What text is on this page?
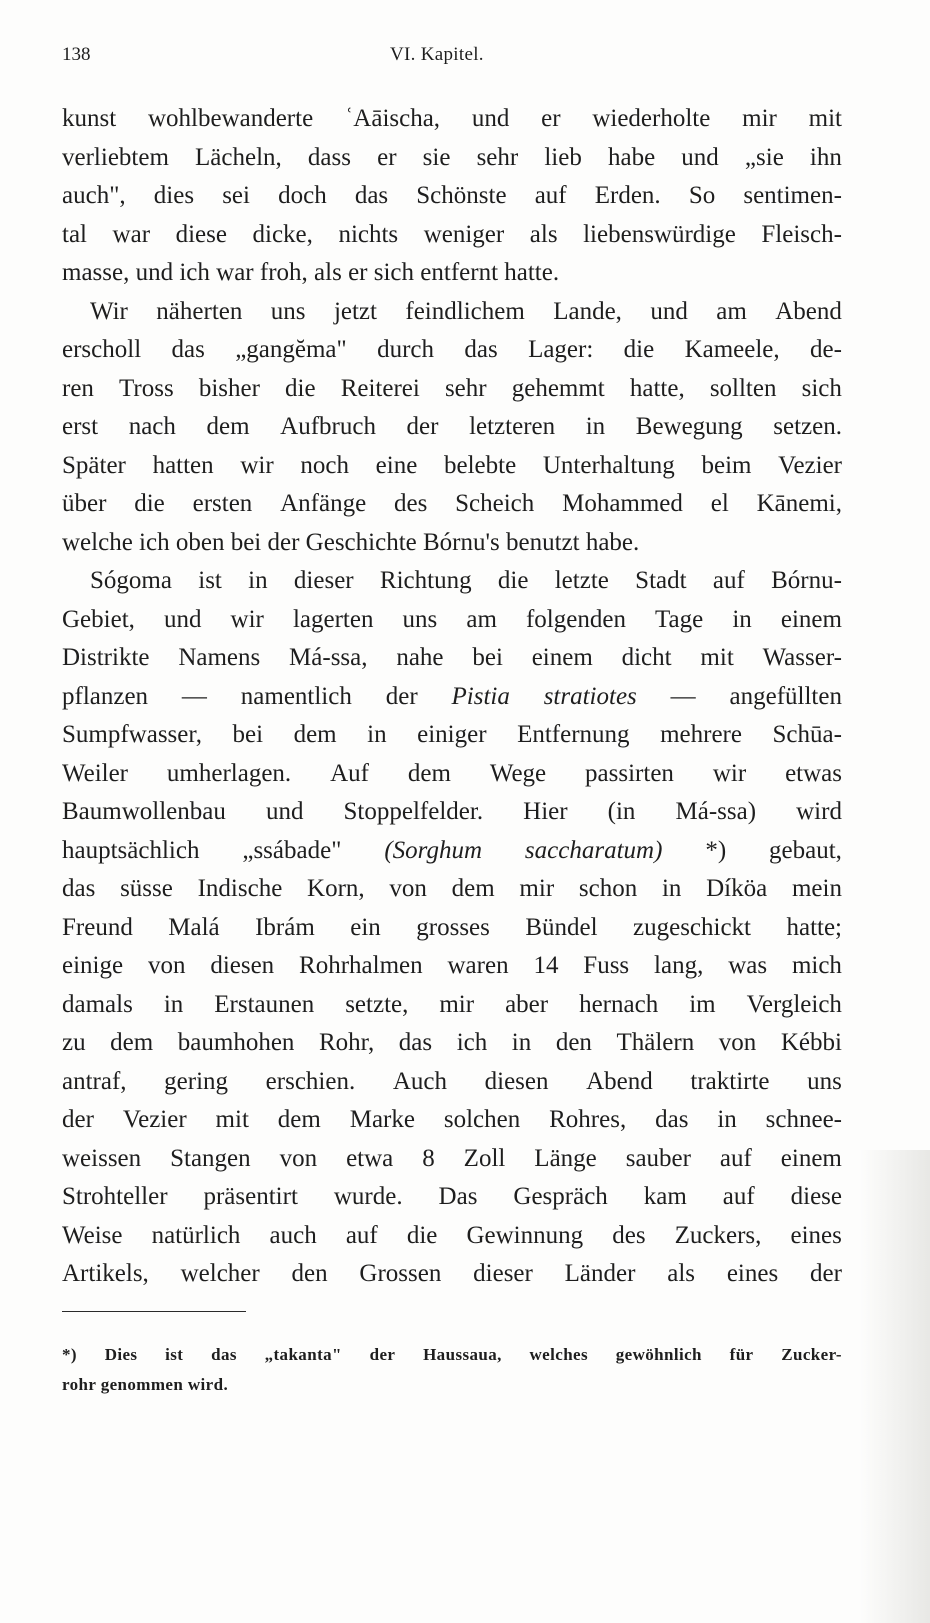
138	VI. Kapitel.
kunst wohlbewanderte ʿAāischa, und er wiederholte mir mit
verliebtem Lächeln, dass er sie sehr lieb habe und „sie ihn
auch", dies sei doch das Schönste auf Erden. So sentimen-
tal war diese dicke, nichts weniger als liebenswürdige Fleisch-
masse, und ich war froh, als er sich entfernt hatte.
Wir näherten uns jetzt feindlichem Lande, und am Abend
erscholl das „gangĕma" durch das Lager: die Kameele, de-
ren Tross bisher die Reiterei sehr gehemmt hatte, sollten sich
erst nach dem Aufbruch der letzteren in Bewegung setzen.
Später hatten wir noch eine belebte Unterhaltung beim Vezier
über die ersten Anfänge des Scheich Mohammed el Kānemi,
welche ich oben bei der Geschichte Bórnu's benutzt habe.
Sógoma ist in dieser Richtung die letzte Stadt auf Bórnu-
Gebiet, und wir lagerten uns am folgenden Tage in einem
Distrikte Namens Má-ssa, nahe bei einem dicht mit Wasser-
pflanzen — namentlich der Pistia stratiotes — angefüllten
Sumpfwasser, bei dem in einiger Entfernung mehrere Schūa-
Weiler umherlagen. Auf dem Wege passirten wir etwas
Baumwollenbau und Stoppelfelder. Hier (in Má-ssa) wird
hauptsächlich „ssábade" (Sorghum saccharatum) *) gebaut,
das süsse Indische Korn, von dem mir schon in Díköa mein
Freund Malá Ibrám ein grosses Bündel zugeschickt hatte;
einige von diesen Rohrhalmen waren 14 Fuss lang, was mich
damals in Erstaunen setzte, mir aber hernach im Vergleich
zu dem baumhohen Rohr, das ich in den Thälern von Kébbi
antraf, gering erschien. Auch diesen Abend traktirte uns
der Vezier mit dem Marke solchen Rohres, das in schnee-
weissen Stangen von etwa 8 Zoll Länge sauber auf einem
Strohteller präsentirt wurde. Das Gespräch kam auf diese
Weise natürlich auch auf die Gewinnung des Zuckers, eines
Artikels, welcher den Grossen dieser Länder als eines der
*) Dies ist das „takanta" der Haussaua, welches gewöhnlich für Zucker-
rohr genommen wird.
